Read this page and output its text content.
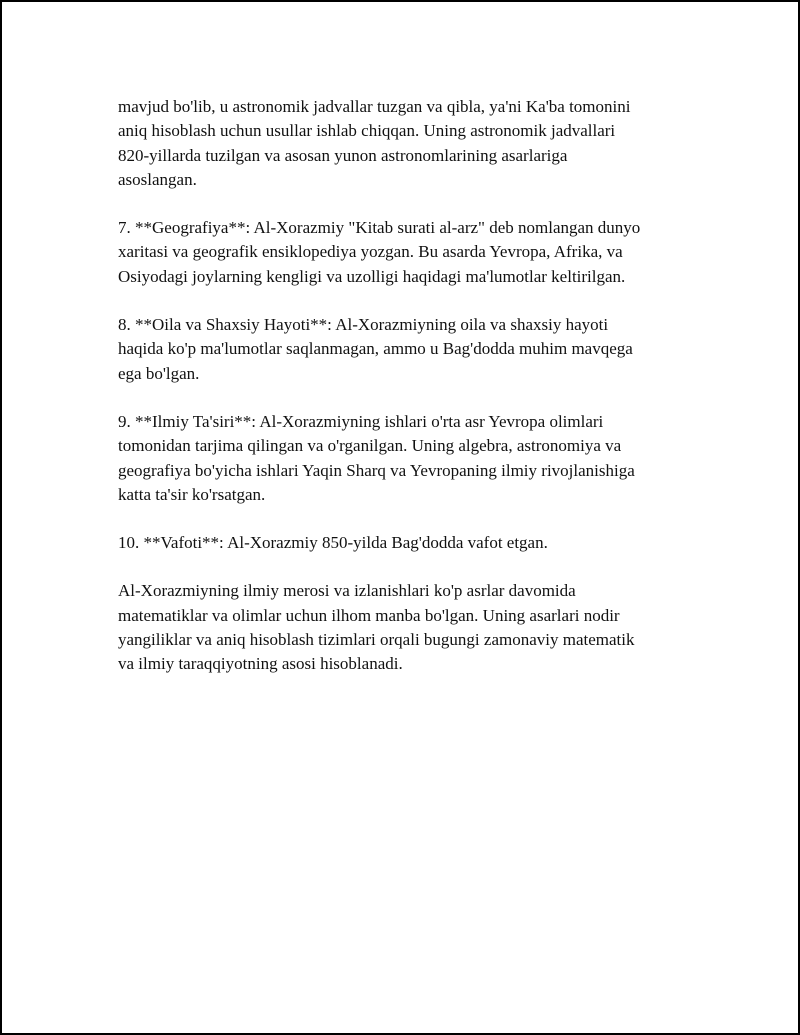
mavjud bo'lib, u astronomik jadvallar tuzgan va qibla, ya'ni Ka'ba tomonini
aniq hisoblash uchun usullar ishlab chiqqan. Uning astronomik jadvallari
820-yillarda tuzilgan va asosan yunon astronomlarining asarlariga
asoslangan.

7. **Geografiya**: Al-Xorazmiy "Kitab surati al-arz" deb nomlangan dunyo
xaritasi va geografik ensiklopediya yozgan. Bu asarda Yevropa, Afrika, va
Osiyodagi joylarning kengligi va uzolligi haqidagi ma'lumotlar keltirilgan.

8. **Oila va Shaxsiy Hayoti**: Al-Xorazmiyning oila va shaxsiy hayoti
haqida ko'p ma'lumotlar saqlanmagan, ammo u Bag'dodda muhim mavqega
ega bo'lgan.

9. **Ilmiy Ta'siri**: Al-Xorazmiyning ishlari o'rta asr Yevropa olimlari
tomonidan tarjima qilingan va o'rganilgan. Uning algebra, astronomiya va
geografiya bo'yicha ishlari Yaqin Sharq va Yevropaning ilmiy rivojlanishiga
katta ta'sir ko'rsatgan.

10. **Vafoti**: Al-Xorazmiy 850-yilda Bag'dodda vafot etgan.

Al-Xorazmiyning ilmiy merosi va izlanishlari ko'p asrlar davomida
matematiklar va olimlar uchun ilhom manba bo'lgan. Uning asarlari nodir
yangiliklar va aniq hisoblash tizimlari orqali bugungi zamonaviy matematik
va ilmiy taraqqiyotning asosi hisoblanadi.
